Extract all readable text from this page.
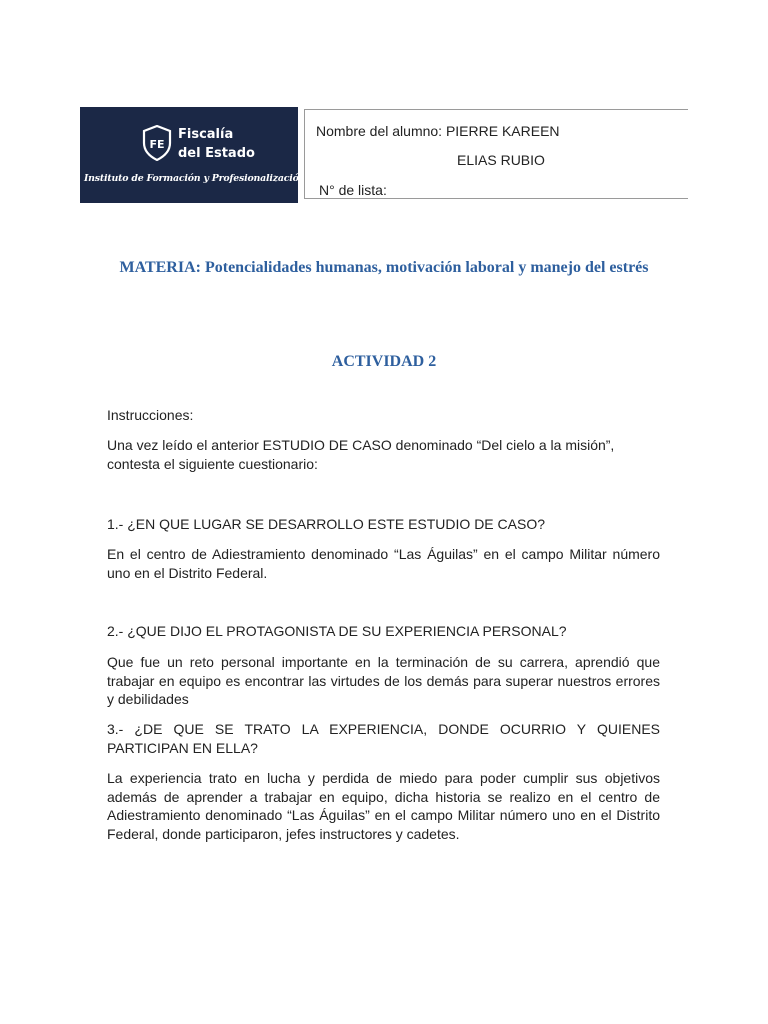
FE
Fiscalía
del Estado
Instituto de Formación y Profesionalización
Nombre del alumno: PIERRE KAREEN
ELIAS RUBIO
N° de lista:
MATERIA: Potencialidades humanas, motivación laboral y manejo del estrés
ACTIVIDAD 2
Instrucciones:
Una vez leído el anterior ESTUDIO DE CASO denominado “Del cielo a la misión”, contesta el siguiente cuestionario:
1.- ¿EN QUE LUGAR SE DESARROLLO ESTE ESTUDIO DE CASO?
En el centro de Adiestramiento denominado “Las Águilas” en el campo Militar número uno en el Distrito Federal.
2.- ¿QUE DIJO EL PROTAGONISTA DE SU EXPERIENCIA PERSONAL?
Que fue un reto personal importante en la terminación de su carrera, aprendió que trabajar en equipo es encontrar las virtudes de los demás para superar nuestros errores y debilidades
3.- ¿DE QUE SE TRATO LA EXPERIENCIA, DONDE OCURRIO Y QUIENES PARTICIPAN EN ELLA?
La experiencia trato en lucha y perdida de miedo para poder cumplir sus objetivos además de aprender a trabajar en equipo, dicha historia se realizo en el centro de Adiestramiento denominado “Las Águilas” en el campo Militar número uno en el Distrito Federal, donde participaron, jefes instructores y cadetes.
